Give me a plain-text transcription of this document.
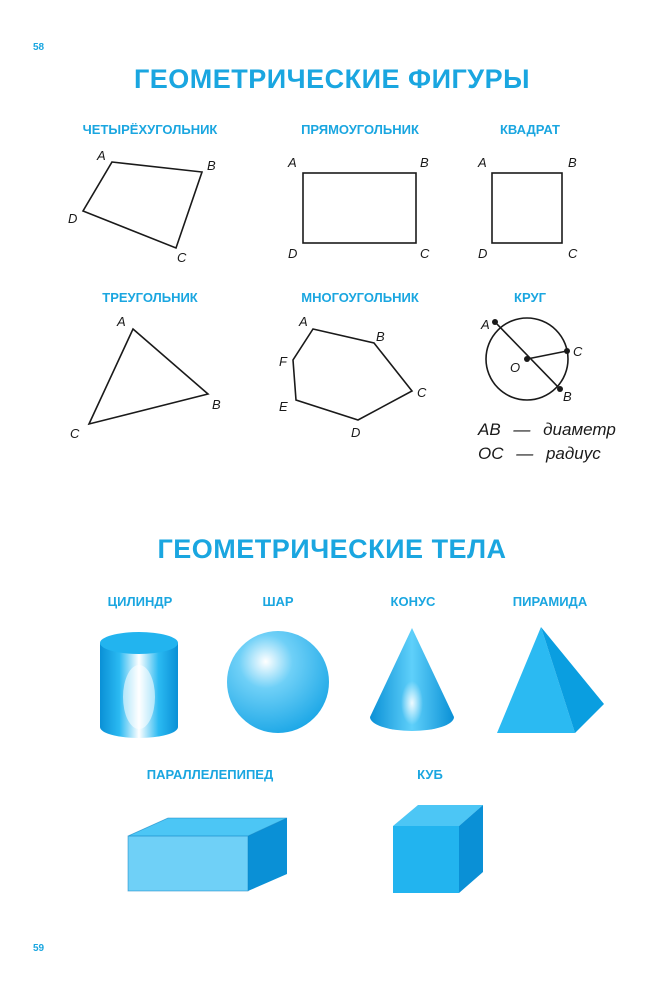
58
59
ГЕОМЕТРИЧЕСКИЕ ФИГУРЫ
ЧЕТЫРЁХУГОЛЬНИК	ПРЯМОУГОЛЬНИК	КВАДРАТ
ТРЕУГОЛЬНИК	МНОГОУГОЛЬНИК	КРУГ
A
B
C
D
A	B
C
D
A	B
C
D
A
B
C
A
B
C
D
E
F
A
O
C
B
AB — диаметр
OC — радиус
ГЕОМЕТРИЧЕСКИЕ ТЕЛА
ЦИЛИНДР	ШАР	КОНУС	ПИРАМИДА
ПАРАЛЛЕЛЕПИПЕД	КУБ
